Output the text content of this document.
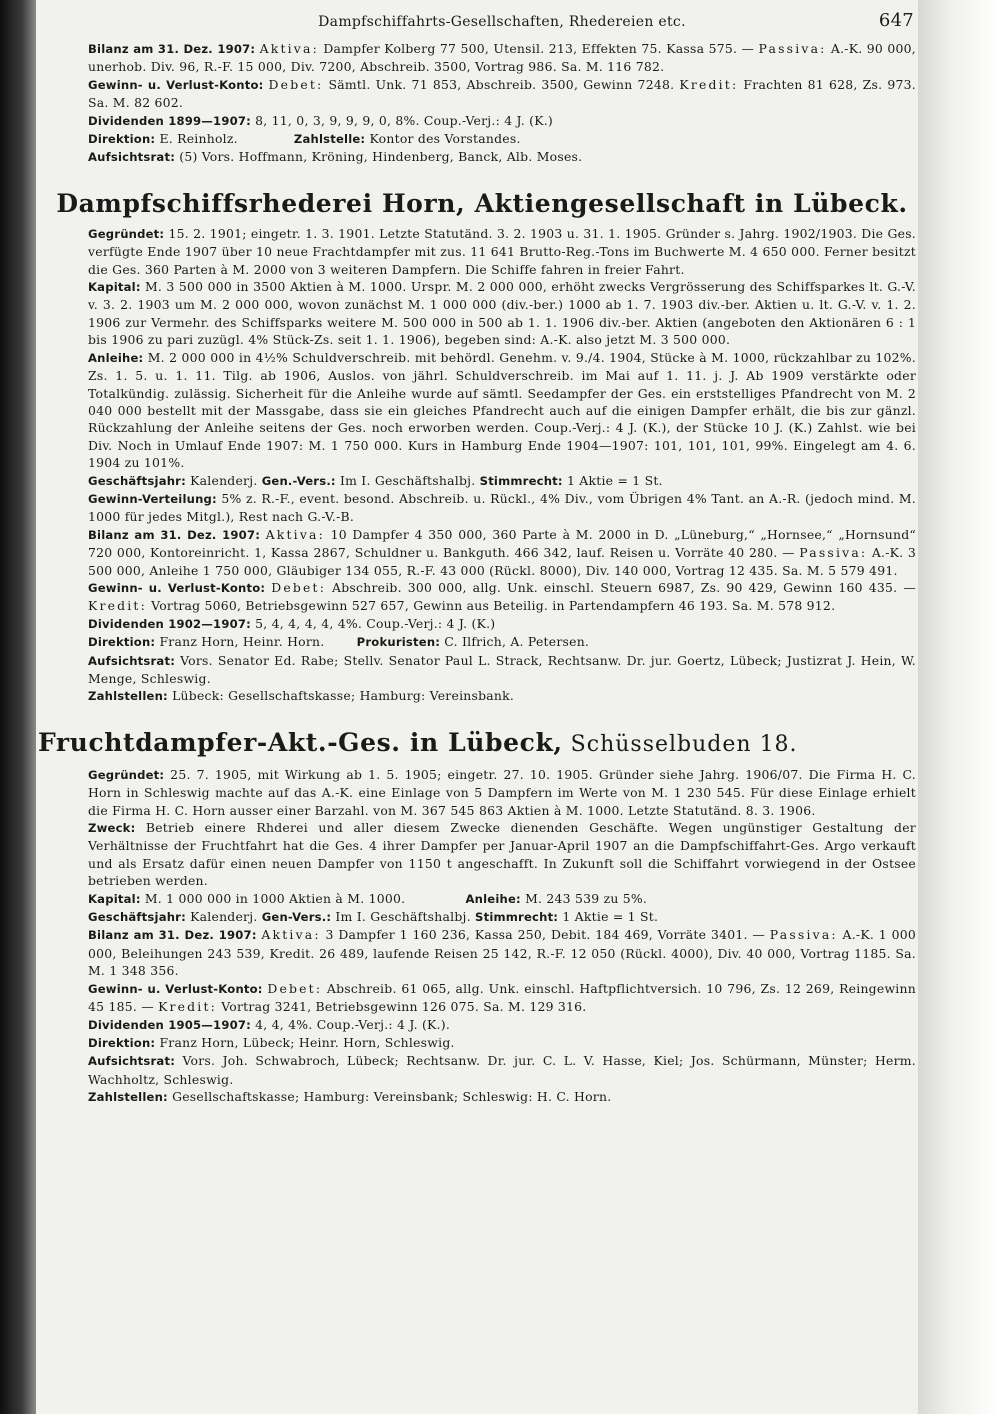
Dampfschiffahrts-Gesellschaften, Rhedereien etc.	647

Bilanz am 31. Dez. 1907: Aktiva: Dampfer Kolberg 77 500, Utensil. 213, Effekten 75. Kassa 575. — Passiva: A.-K. 90 000, unerhob. Div. 96, R.-F. 15 000, Div. 7200, Abschreib. 3500, Vortrag 986. Sa. M. 116 782.

Gewinn- u. Verlust-Konto: Debet: Sämtl. Unk. 71 853, Abschreib. 3500, Gewinn 7248. Kredit: Frachten 81 628, Zs. 973. Sa. M. 82 602.

Dividenden 1899—1907: 8, 11, 0, 3, 9, 9, 9, 0, 8%. Coup.-Verj.: 4 J. (K.)

Direktion: E. Reinholz.	Zahlstelle: Kontor des Vorstandes.

Aufsichtsrat: (5) Vors. Hoffmann, Kröning, Hindenberg, Banck, Alb. Moses.

Dampfschiffsrhederei Horn, Aktiengesellschaft in Lübeck.

Gegründet: 15. 2. 1901; eingetr. 1. 3. 1901. Letzte Statutänd. 3. 2. 1903 u. 31. 1. 1905. Gründer s. Jahrg. 1902/1903. Die Ges. verfügte Ende 1907 über 10 neue Frachtdampfer mit zus. 11 641 Brutto-Reg.-Tons im Buchwerte M. 4 650 000. Ferner besitzt die Ges. 360 Parten à M. 2000 von 3 weiteren Dampfern. Die Schiffe fahren in freier Fahrt.

Kapital: M. 3 500 000 in 3500 Aktien à M. 1000. Urspr. M. 2 000 000, erhöht zwecks Vergrösserung des Schiffsparkes lt. G.-V. v. 3. 2. 1903 um M. 2 000 000, wovon zunächst M. 1 000 000 (div.-ber.) 1000 ab 1. 7. 1903 div.-ber. Aktien u. lt. G.-V. v. 1. 2. 1906 zur Vermehr. des Schiffsparks weitere M. 500 000 in 500 ab 1. 1. 1906 div.-ber. Aktien (angeboten den Aktionären 6 : 1 bis 1906 zu pari zuzügl. 4% Stück-Zs. seit 1. 1. 1906), begeben sind: A.-K. also jetzt M. 3 500 000.

Anleihe: M. 2 000 000 in 4½% Schuldverschreib. mit behördl. Genehm. v. 9./4. 1904, Stücke à M. 1000, rückzahlbar zu 102%. Zs. 1. 5. u. 1. 11. Tilg. ab 1906, Auslos. von jährl. Schuldverschreib. im Mai auf 1. 11. j. J. Ab 1909 verstärkte oder Totalkündig. zulässig. Sicherheit für die Anleihe wurde auf sämtl. Seedampfer der Ges. ein erststelliges Pfandrecht von M. 2 040 000 bestellt mit der Massgabe, dass sie ein gleiches Pfandrecht auch auf die einigen Dampfer erhält, die bis zur gänzl. Rückzahlung der Anleihe seitens der Ges. noch erworben werden. Coup.-Verj.: 4 J. (K.), der Stücke 10 J. (K.) Zahlst. wie bei Div. Noch in Umlauf Ende 1907: M. 1 750 000. Kurs in Hamburg Ende 1904—1907: 101, 101, 101, 99%. Eingelegt am 4. 6. 1904 zu 101%.

Geschäftsjahr: Kalenderj. Gen.-Vers.: Im I. Geschäftshalbj. Stimmrecht: 1 Aktie = 1 St.

Gewinn-Verteilung: 5% z. R.-F., event. besond. Abschreib. u. Rückl., 4% Div., vom Übrigen 4% Tant. an A.-R. (jedoch mind. M. 1000 für jedes Mitgl.), Rest nach G.-V.-B.

Bilanz am 31. Dez. 1907: Aktiva: 10 Dampfer 4 350 000, 360 Parte à M. 2000 in D. „Lüneburg,“ „Hornsee,“ „Hornsund“ 720 000, Kontoreinricht. 1, Kassa 2867, Schuldner u. Bankguth. 466 342, lauf. Reisen u. Vorräte 40 280. — Passiva: A.-K. 3 500 000, Anleihe 1 750 000, Gläubiger 134 055, R.-F. 43 000 (Rückl. 8000), Div. 140 000, Vortrag 12 435. Sa. M. 5 579 491.

Gewinn- u. Verlust-Konto: Debet: Abschreib. 300 000, allg. Unk. einschl. Steuern 6987, Zs. 90 429, Gewinn 160 435. — Kredit: Vortrag 5060, Betriebsgewinn 527 657, Gewinn aus Beteilig. in Partendampfern 46 193. Sa. M. 578 912.

Dividenden 1902—1907: 5, 4, 4, 4, 4, 4%. Coup.-Verj.: 4 J. (K.)

Direktion: Franz Horn, Heinr. Horn. Prokuristen: C. Ilfrich, A. Petersen.

Aufsichtsrat: Vors. Senator Ed. Rabe; Stellv. Senator Paul L. Strack, Rechtsanw. Dr. jur. Goertz, Lübeck; Justizrat J. Hein, W. Menge, Schleswig.

Zahlstellen: Lübeck: Gesellschaftskasse; Hamburg: Vereinsbank.

Fruchtdampfer-Akt.-Ges. in Lübeck, Schüsselbuden 18.

Gegründet: 25. 7. 1905, mit Wirkung ab 1. 5. 1905; eingetr. 27. 10. 1905. Gründer siehe Jahrg. 1906/07. Die Firma H. C. Horn in Schleswig machte auf das A.-K. eine Einlage von 5 Dampfern im Werte von M. 1 230 545. Für diese Einlage erhielt die Firma H. C. Horn ausser einer Barzahl. von M. 367 545 863 Aktien à M. 1000. Letzte Statutänd. 8. 3. 1906.

Zweck: Betrieb einere Rhderei und aller diesem Zwecke dienenden Geschäfte. Wegen ungünstiger Gestaltung der Verhältnisse der Fruchtfahrt hat die Ges. 4 ihrer Dampfer per Januar-April 1907 an die Dampfschiffahrt-Ges. Argo verkauft und als Ersatz dafür einen neuen Dampfer von 1150 t angeschafft. In Zukunft soll die Schiffahrt vorwiegend in der Ostsee betrieben werden.

Kapital: M. 1 000 000 in 1000 Aktien à M. 1000.	Anleihe: M. 243 539 zu 5%.

Geschäftsjahr: Kalenderj. Gen-Vers.: Im I. Geschäftshalbj. Stimmrecht: 1 Aktie = 1 St.

Bilanz am 31. Dez. 1907: Aktiva: 3 Dampfer 1 160 236, Kassa 250, Debit. 184 469, Vorräte 3401. — Passiva: A.-K. 1 000 000, Beleihungen 243 539, Kredit. 26 489, laufende Reisen 25 142, R.-F. 12 050 (Rückl. 4000), Div. 40 000, Vortrag 1185. Sa. M. 1 348 356.

Gewinn- u. Verlust-Konto: Debet: Abschreib. 61 065, allg. Unk. einschl. Haftpflichtversich. 10 796, Zs. 12 269, Reingewinn 45 185. — Kredit: Vortrag 3241, Betriebsgewinn 126 075. Sa. M. 129 316.

Dividenden 1905—1907: 4, 4, 4%. Coup.-Verj.: 4 J. (K.).

Direktion: Franz Horn, Lübeck; Heinr. Horn, Schleswig.

Aufsichtsrat: Vors. Joh. Schwabroch, Lübeck; Rechtsanw. Dr. jur. C. L. V. Hasse, Kiel; Jos. Schürmann, Münster; Herm. Wachholtz, Schleswig.

Zahlstellen: Gesellschaftskasse; Hamburg: Vereinsbank; Schleswig: H. C. Horn.
